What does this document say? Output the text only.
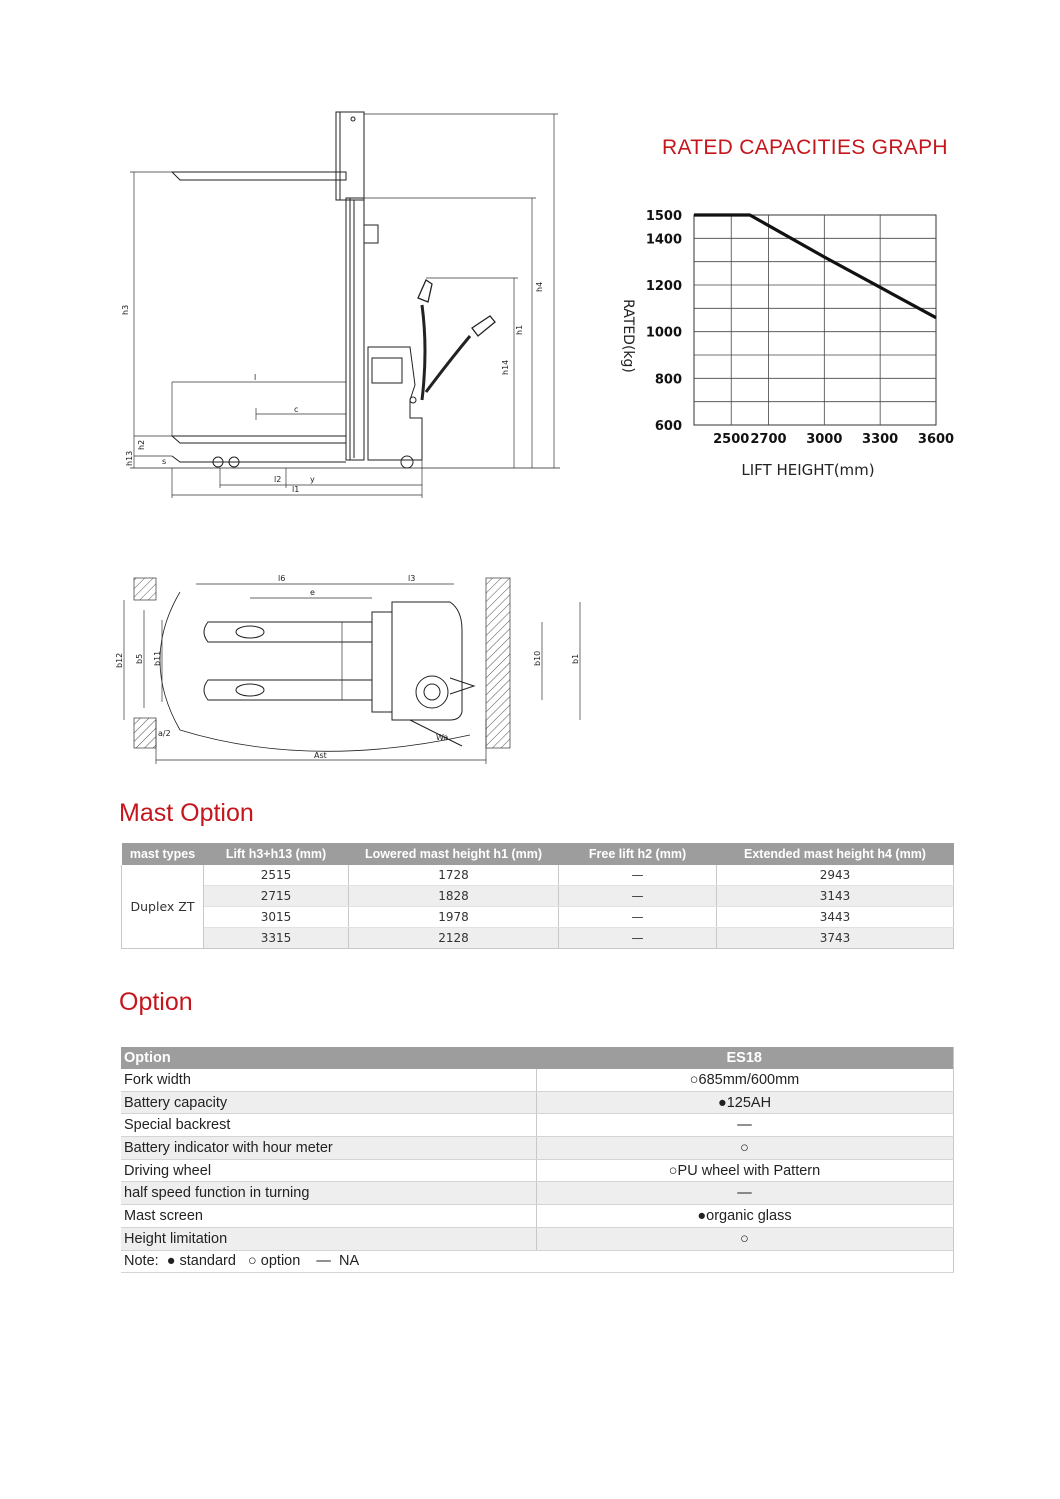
h4
h3
h1
h14
l
c
h2
h13
y
l2
l1
s
l6	l3
b12 b5 b11	b10	b1
e
a/2
Ast
Wa
RATED CAPACITIES GRAPH
1500
1400
1200
1000
800
600
2500 2700 3000 3300 3600
RATED(kg)
LIFT HEIGHT(mm)
Mast Option
mast types	Lift h3+h13 (mm)	Lowered mast height h1 (mm)	Free lift h2 (mm)	Extended mast height h4 (mm)
Duplex ZT	2515	1728	—	2943
	2715	1828	—	3143
	3015	1978	—	3443
	3315	2128	—	3743
Option
Option	ES18
Fork width	○685mm/600mm
Battery capacity	●125AH
Special backrest	—
Battery indicator with hour meter	○
Driving wheel	○PU wheel with Pattern
half speed function in turning	—
Mast screen	●organic glass
Height limitation	○
Note:  ● standard   ○ option    —  NA	
